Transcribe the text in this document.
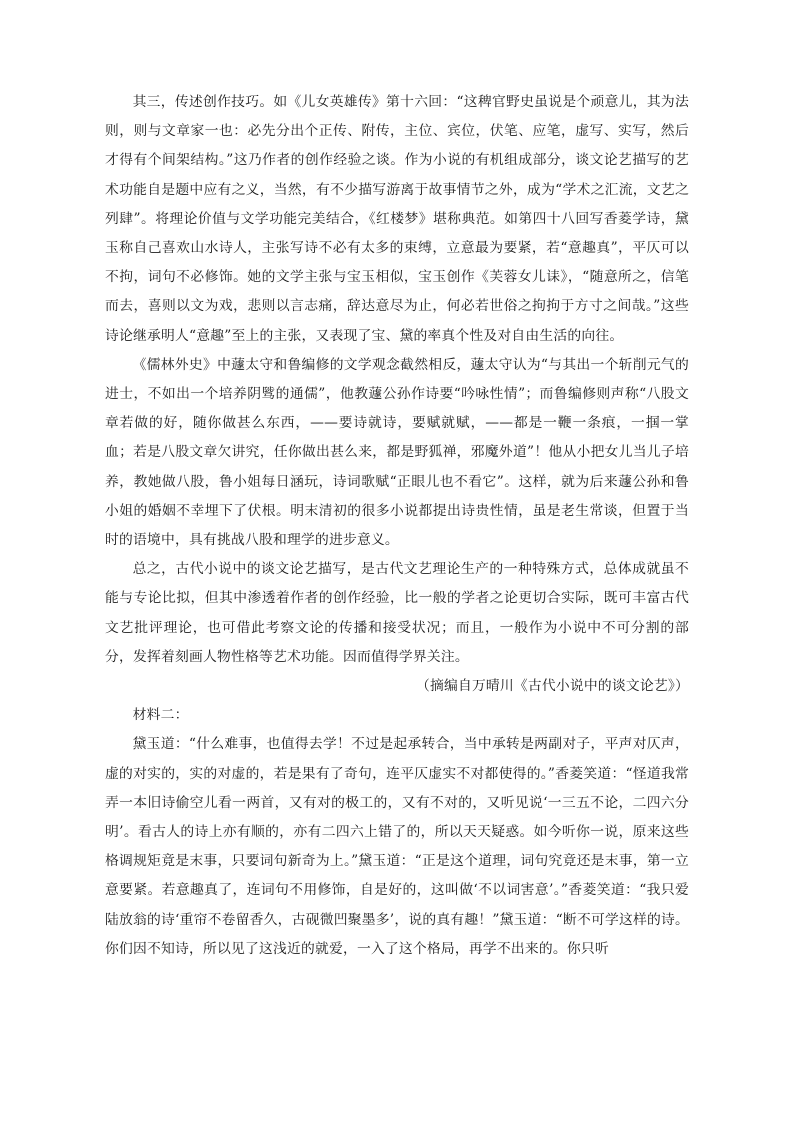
其三，传述创作技巧。如《儿女英雄传》第十六回：“这稗官野史虽说是个顽意儿，其为法则，则与文章家一也：必先分出个正传、附传，主位、宾位，伏笔、应笔，虚写、实写，然后才得有个间架结构。”这乃作者的创作经验之谈。作为小说的有机组成部分，谈文论艺描写的艺术功能自是题中应有之义，当然，有不少描写游离于故事情节之外，成为“学术之汇流，文艺之列肆”。将理论价值与文学功能完美结合，《红楼梦》堪称典范。如第四十八回写香菱学诗，黛玉称自己喜欢山水诗人，主张写诗不必有太多的束缚，立意最为要紧，若“意趣真”，平仄可以不拘，词句不必修饰。她的文学主张与宝玉相似，宝玉创作《芙蓉女儿诔》，“随意所之，信笔而去，喜则以文为戏，悲则以言志痛，辞达意尽为止，何必若世俗之拘拘于方寸之间哉。”这些诗论继承明人“意趣”至上的主张，又表现了宝、黛的率真个性及对自由生活的向往。

《儒林外史》中蘧太守和鲁编修的文学观念截然相反，蘧太守认为“与其出一个斩削元气的进士，不如出一个培养阴骘的通儒”，他教蘧公孙作诗要“吟咏性情”；而鲁编修则声称“八股文章若做的好，随你做甚么东西，——要诗就诗，要赋就赋，——都是一鞭一条痕，一掴一掌血；若是八股文章欠讲究，任你做出甚么来，都是野狐禅，邪魔外道”！他从小把女儿当儿子培养，教她做八股，鲁小姐每日涵玩，诗词歌赋“正眼儿也不看它”。这样，就为后来蘧公孙和鲁小姐的婚姻不幸埋下了伏根。明末清初的很多小说都提出诗贵性情，虽是老生常谈，但置于当时的语境中，具有挑战八股和理学的进步意义。

总之，古代小说中的谈文论艺描写，是古代文艺理论生产的一种特殊方式，总体成就虽不能与专论比拟，但其中渗透着作者的创作经验，比一般的学者之论更切合实际，既可丰富古代文艺批评理论，也可借此考察文论的传播和接受状况；而且，一般作为小说中不可分割的部分，发挥着刻画人物性格等艺术功能。因而值得学界关注。

（摘编自万晴川《古代小说中的谈文论艺》）

材料二：

黛玉道：“什么难事，也值得去学！不过是起承转合，当中承转是两副对子，平声对仄声，虚的对实的，实的对虚的，若是果有了奇句，连平仄虚实不对都使得的。”香菱笑道：“怪道我常弄一本旧诗偷空儿看一两首，又有对的极工的，又有不对的，又听见说‘一三五不论，二四六分明’。看古人的诗上亦有顺的，亦有二四六上错了的，所以天天疑惑。如今听你一说，原来这些格调规矩竟是末事，只要词句新奇为上。”黛玉道：“正是这个道理，词句究竟还是末事，第一立意要紧。若意趣真了，连词句不用修饰，自是好的，这叫做‘不以词害意’。”香菱笑道：“我只爱陆放翁的诗‘重帘不卷留香久，古砚微凹聚墨多’，说的真有趣！”黛玉道：“断不可学这样的诗。你们因不知诗，所以见了这浅近的就爱，一入了这个格局，再学不出来的。你只听
